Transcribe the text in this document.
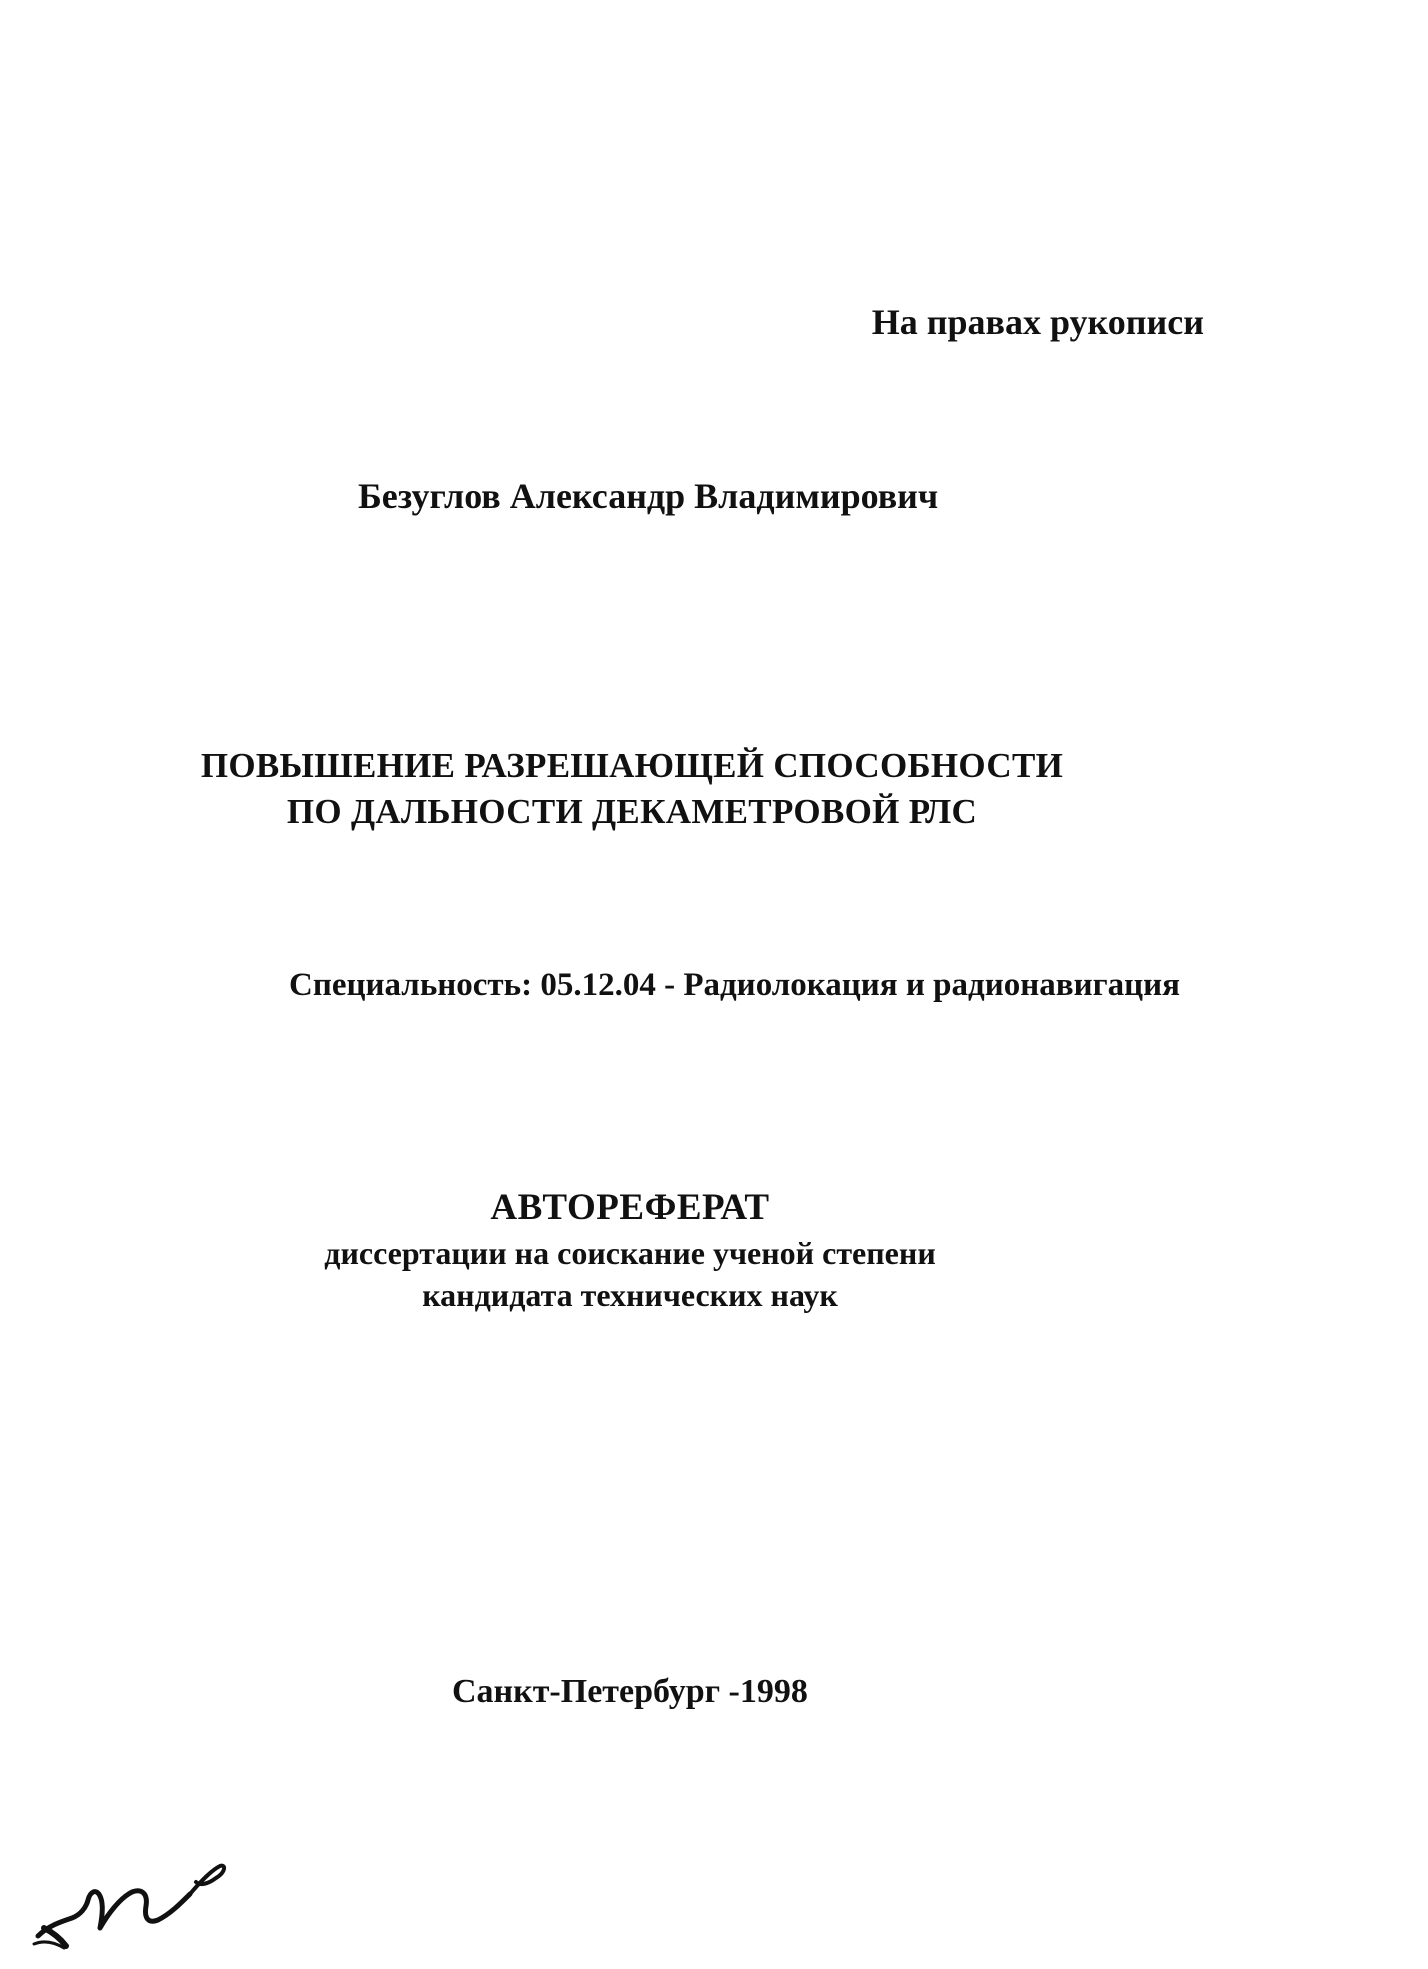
На правах рукописи
Безуглов Александр Владимирович
ПОВЫШЕНИЕ РАЗРЕШАЮЩЕЙ СПОСОБНОСТИ
ПО ДАЛЬНОСТИ ДЕКАМЕТРОВОЙ РЛС
Специальность: 05.12.04 - Радиолокация и радионавигация
АВТОРЕФЕРАТ
диссертации на соискание ученой степени
кандидата технических наук
Санкт-Петербург -1998
